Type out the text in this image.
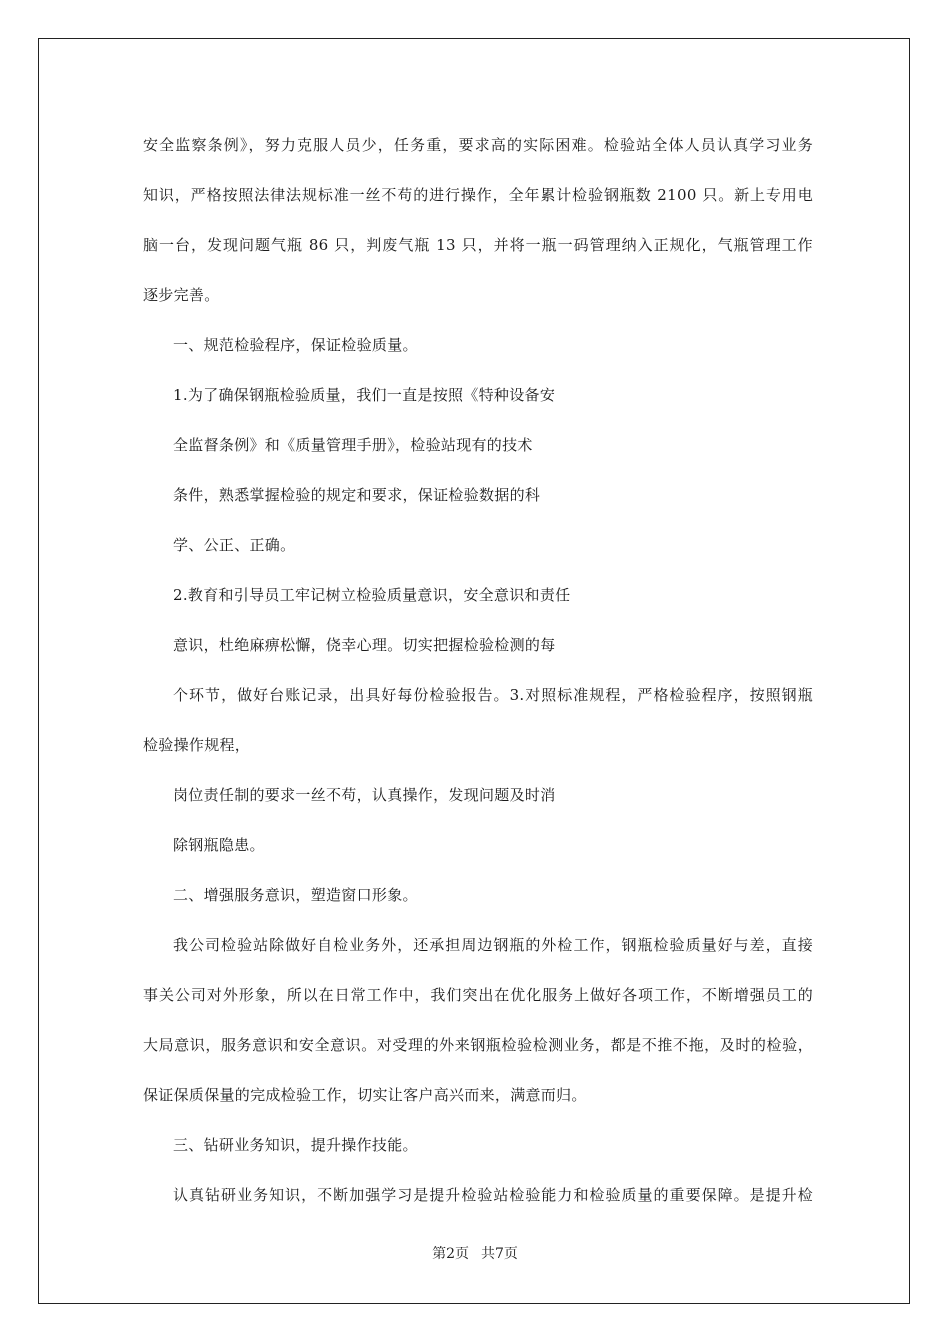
安全监察条例》，努力克服人员少，任务重，要求高的实际困难。检验站全体人员认真学习业务
知识，严格按照法律法规标准一丝不苟的进行操作，全年累计检验钢瓶数 2100 只。新上专用电
脑一台，发现问题气瓶 86 只，判废气瓶 13 只，并将一瓶一码管理纳入正规化，气瓶管理工作
逐步完善。
一、规范检验程序，保证检验质量。
1.为了确保钢瓶检验质量，我们一直是按照《特种设备安
全监督条例》和《质量管理手册》，检验站现有的技术
条件，熟悉掌握检验的规定和要求，保证检验数据的科
学、公正、正确。
2.教育和引导员工牢记树立检验质量意识，安全意识和责任
意识，杜绝麻痹松懈，侥幸心理。切实把握检验检测的每
个环节，做好台账记录，出具好每份检验报告。3.对照标准规程，严格检验程序，按照钢瓶
检验操作规程，
岗位责任制的要求一丝不苟，认真操作，发现问题及时消
除钢瓶隐患。
二、增强服务意识，塑造窗口形象。
我公司检验站除做好自检业务外，还承担周边钢瓶的外检工作，钢瓶检验质量好与差，直接
事关公司对外形象，所以在日常工作中，我们突出在优化服务上做好各项工作，不断增强员工的
大局意识，服务意识和安全意识。对受理的外来钢瓶检验检测业务，都是不推不拖，及时的检验，
保证保质保量的完成检验工作，切实让客户高兴而来，满意而归。
三、钻研业务知识，提升操作技能。
认真钻研业务知识，不断加强学习是提升检验站检验能力和检验质量的重要保障。是提升检
第2页 共7页
